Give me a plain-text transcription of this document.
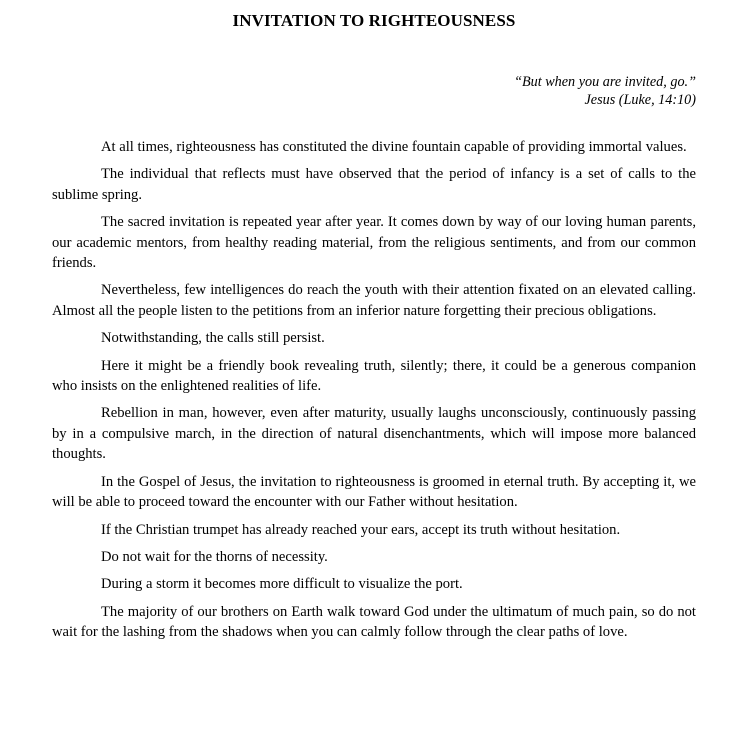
INVITATION TO RIGHTEOUSNESS
“But when you are invited, go.”
Jesus (Luke, 14:10)

At all times, righteousness has constituted the divine fountain capable of providing immortal values.

The individual that reflects must have observed that the period of infancy is a set of calls to the sublime spring.

The sacred invitation is repeated year after year. It comes down by way of our loving human parents, our academic mentors, from healthy reading material, from the religious sentiments, and from our common friends.

Nevertheless, few intelligences do reach the youth with their attention fixated on an elevated calling. Almost all the people listen to the petitions from an inferior nature forgetting their precious obligations.

Notwithstanding, the calls still persist.

Here it might be a friendly book revealing truth, silently; there, it could be a generous companion who insists on the enlightened realities of life.

Rebellion in man, however, even after maturity, usually laughs unconsciously, continuously passing by in a compulsive march, in the direction of natural disenchantments, which will impose more balanced thoughts.

In the Gospel of Jesus, the invitation to righteousness is groomed in eternal truth. By accepting it, we will be able to proceed toward the encounter with our Father without hesitation.

If the Christian trumpet has already reached your ears, accept its truth without hesitation.

Do not wait for the thorns of necessity.

During a storm it becomes more difficult to visualize the port.

The majority of our brothers on Earth walk toward God under the ultimatum of much pain, so do not wait for the lashing from the shadows when you can calmly follow through the clear paths of love.
